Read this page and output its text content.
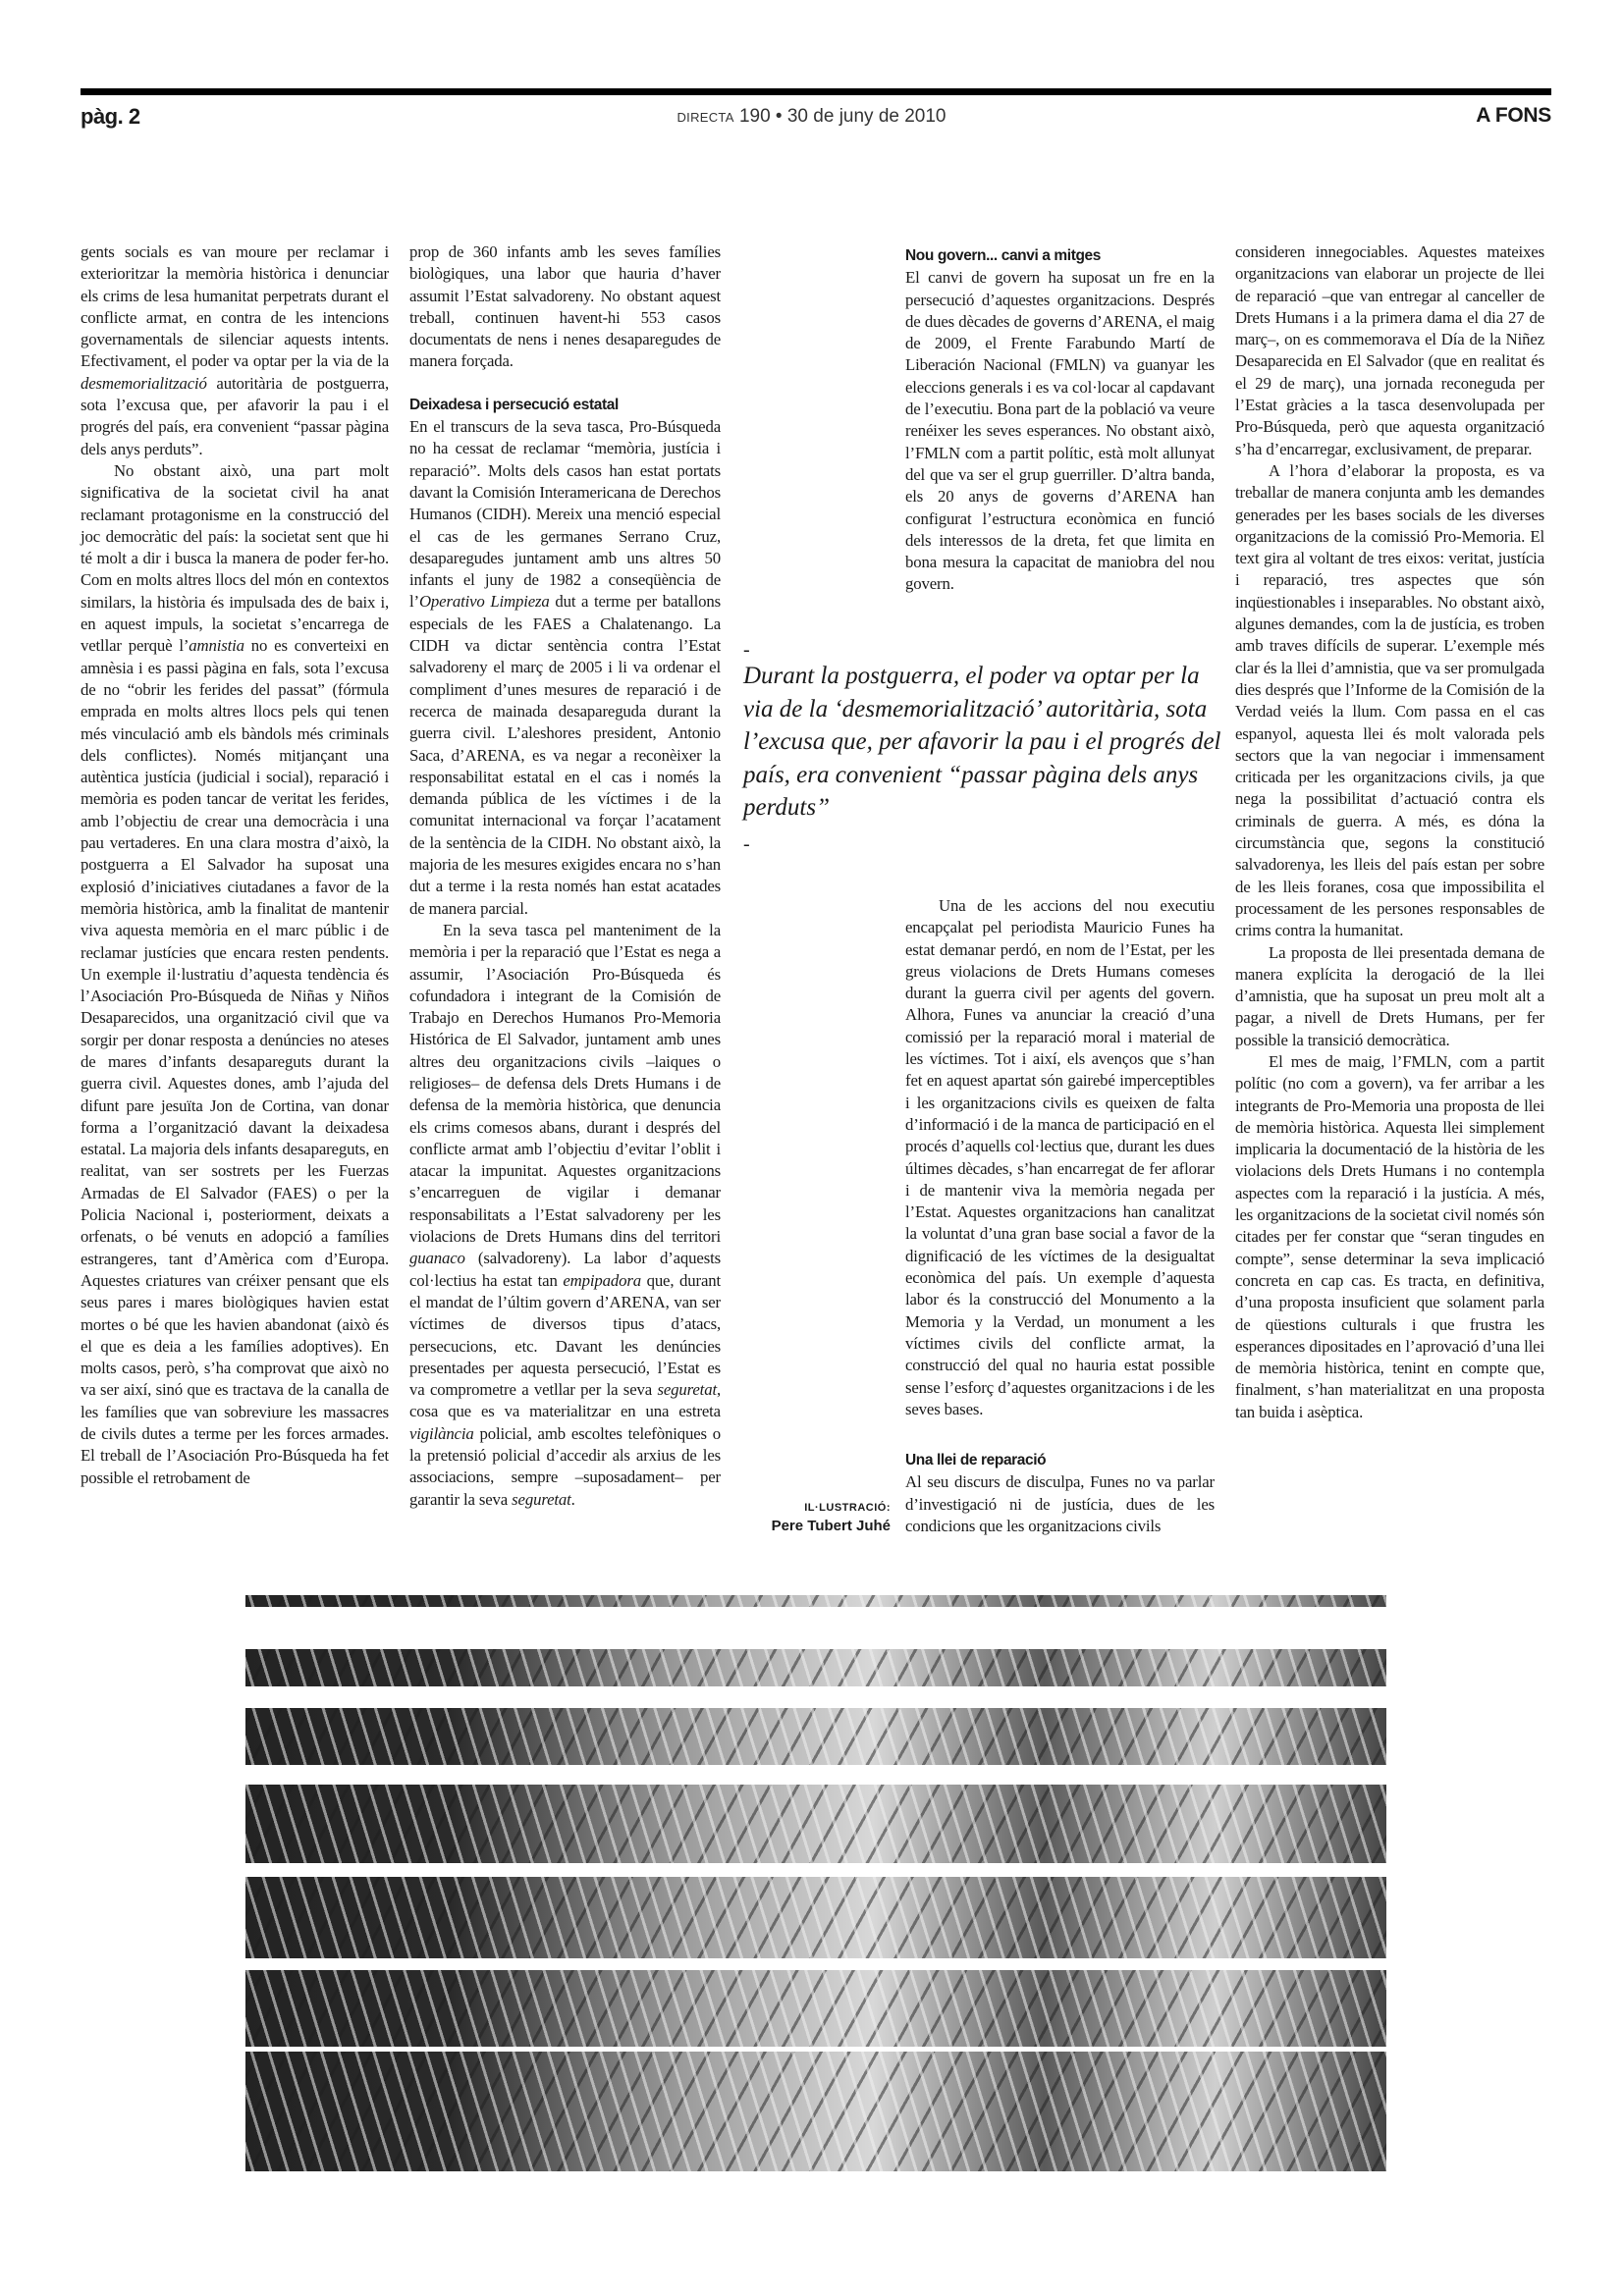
pàg. 2	DIRECTA 190 • 30 de juny de 2010	A FONS

gents socials es van moure per reclamar i exterioritzar la memòria històrica i denunciar els crims de lesa humanitat perpetrats durant el conflicte armat, en contra de les intencions governamentals de silenciar aquests intents. Efectivament, el poder va optar per la via de la desmemorialització autoritària de postguerra, sota l’excusa que, per afavorir la pau i el progrés del país, era convenient “passar pàgina dels anys perduts”.

No obstant això, una part molt significativa de la societat civil ha anat reclamant protagonisme en la construcció del joc democràtic del país: la societat sent que hi té molt a dir i busca la manera de poder fer-ho. Com en molts altres llocs del món en contextos similars, la història és impulsada des de baix i, en aquest impuls, la societat s’encarrega de vetllar perquè l’amnistia no es converteixi en amnèsia i es passi pàgina en fals, sota l’excusa de no “obrir les ferides del passat” (fórmula emprada en molts altres llocs pels qui tenen més vinculació amb els bàndols més criminals dels conflictes). Només mitjançant una autèntica justícia (judicial i social), reparació i memòria es poden tancar de veritat les ferides, amb l’objectiu de crear una democràcia i una pau vertaderes. En una clara mostra d’això, la postguerra a El Salvador ha suposat una explosió d’iniciatives ciutadanes a favor de la memòria històrica, amb la finalitat de mantenir viva aquesta memòria en el marc públic i de reclamar justícies que encara resten pendents. Un exemple il·lustratiu d’aquesta tendència és l’Asociación Pro-Búsqueda de Niñas y Niños Desaparecidos, una organització civil que va sorgir per donar resposta a denúncies no ateses de mares d’infants desapareguts durant la guerra civil. Aquestes dones, amb l’ajuda del difunt pare jesuïta Jon de Cortina, van donar forma a l’organització davant la deixadesa estatal. La majoria dels infants desapareguts, en realitat, van ser sostrets per les Fuerzas Armadas de El Salvador (FAES) o per la Policia Nacional i, posteriorment, deixats a orfenats, o bé venuts en adopció a famílies estrangeres, tant d’Amèrica com d’Europa. Aquestes criatures van créixer pensant que els seus pares i mares biològiques havien estat mortes o bé que les havien abandonat (això és el que es deia a les famílies adoptives). En molts casos, però, s’ha comprovat que això no va ser així, sinó que es tractava de la canalla de les famílies que van sobreviure les massacres de civils dutes a terme per les forces armades. El treball de l’Asociación Pro-Búsqueda ha fet possible el retrobament de

prop de 360 infants amb les seves famílies biològiques, una labor que hauria d’haver assumit l’Estat salvadoreny. No obstant aquest treball, continuen havent-hi 553 casos documentats de nens i nenes desaparegudes de manera forçada.

Deixadesa i persecució estatal

En el transcurs de la seva tasca, Pro-Búsqueda no ha cessat de reclamar “memòria, justícia i reparació”. Molts dels casos han estat portats davant la Comisión Interamericana de Derechos Humanos (CIDH). Mereix una menció especial el cas de les germanes Serrano Cruz, desaparegudes juntament amb uns altres 50 infants el juny de 1982 a conseqüència de l’Operativo Limpieza dut a terme per batallons especials de les FAES a Chalatenango. La CIDH va dictar sentència contra l’Estat salvadoreny el març de 2005 i li va ordenar el compliment d’unes mesures de reparació i de recerca de mainada desapareguda durant la guerra civil. L’aleshores president, Antonio Saca, d’ARENA, es va negar a reconèixer la responsabilitat estatal en el cas i només la demanda pública de les víctimes i de la comunitat internacional va forçar l’acatament de la sentència de la CIDH. No obstant això, la majoria de les mesures exigides encara no s’han dut a terme i la resta només han estat acatades de manera parcial.

En la seva tasca pel manteniment de la memòria i per la reparació que l’Estat es nega a assumir, l’Asociación Pro-Búsqueda és cofundadora i integrant de la Comisión de Trabajo en Derechos Humanos Pro-Memoria Histórica de El Salvador, juntament amb unes altres deu organitzacions civils –laiques o religioses– de defensa dels Drets Humans i de defensa de la memòria històrica, que denuncia els crims comesos abans, durant i després del conflicte armat amb l’objectiu d’evitar l’oblit i atacar la impunitat. Aquestes organitzacions s’encarreguen de vigilar i demanar responsabilitats a l’Estat salvadoreny per les violacions de Drets Humans dins del territori guanaco (salvadoreny). La labor d’aquests col·lectius ha estat tan empipadora que, durant el mandat de l’últim govern d’ARENA, van ser víctimes de diversos tipus d’atacs, persecucions, etc. Davant les denúncies presentades per aquesta persecució, l’Estat es va comprometre a vetllar per la seva seguretat, cosa que es va materialitzar en una estreta vigilància policial, amb escoltes telefòniques o la pretensió policial d’accedir als arxius de les associacions, sempre –suposadament– per garantir la seva seguretat.

Nou govern... canvi a mitges

El canvi de govern ha suposat un fre en la persecució d’aquestes organitzacions. Després de dues dècades de governs d’ARENA, el maig de 2009, el Frente Farabundo Martí de Liberación Nacional (FMLN) va guanyar les eleccions generals i es va col·locar al capdavant de l’executiu. Bona part de la població va veure renéixer les seves esperances. No obstant això, l’FMLN com a partit polític, està molt allunyat del que va ser el grup guerriller. D’altra banda, els 20 anys de governs d’ARENA han configurat l’estructura econòmica en funció dels interessos de la dreta, fet que limita en bona mesura la capacitat de maniobra del nou govern.

-
Durant la postguerra, el poder va optar per la via de la ‘desmemorialització’ autoritària, sota l’excusa que, per afavorir la pau i el progrés del país, era convenient “passar pàgina dels anys perduts”
-

Una de les accions del nou executiu encapçalat pel periodista Mauricio Funes ha estat demanar perdó, en nom de l’Estat, per les greus violacions de Drets Humans comeses durant la guerra civil per agents del govern. Alhora, Funes va anunciar la creació d’una comissió per la reparació moral i material de les víctimes. Tot i així, els avenços que s’han fet en aquest apartat són gairebé imperceptibles i les organitzacions civils es queixen de falta d’informació i de la manca de participació en el procés d’aquells col·lectius que, durant les dues últimes dècades, s’han encarregat de fer aflorar i de mantenir viva la memòria negada per l’Estat. Aquestes organitzacions han canalitzat la voluntat d’una gran base social a favor de la dignificació de les víctimes de la desigualtat econòmica del país. Un exemple d’aquesta labor és la construcció del Monumento a la Memoria y la Verdad, un monument a les víctimes civils del conflicte armat, la construcció del qual no hauria estat possible sense l’esforç d’aquestes organitzacions i de les seves bases.

Una llei de reparació

Al seu discurs de disculpa, Funes no va parlar d’investigació ni de justícia, dues de les condicions que les organitzacions civils

IL·LUSTRACIÓ:
Pere Tubert Juhé

consideren innegociables. Aquestes mateixes organitzacions van elaborar un projecte de llei de reparació –que van entregar al canceller de Drets Humans i a la primera dama el dia 27 de març–, on es commemorava el Día de la Niñez Desaparecida en El Salvador (que en realitat és el 29 de març), una jornada reconeguda per l’Estat gràcies a la tasca desenvolupada per Pro-Búsqueda, però que aquesta organització s’ha d’encarregar, exclusivament, de preparar.

A l’hora d’elaborar la proposta, es va treballar de manera conjunta amb les demandes generades per les bases socials de les diverses organitzacions de la comissió Pro-Memoria. El text gira al voltant de tres eixos: veritat, justícia i reparació, tres aspectes que són inqüestionables i inseparables. No obstant això, algunes demandes, com la de justícia, es troben amb traves difícils de superar. L’exemple més clar és la llei d’amnistia, que va ser promulgada dies després que l’Informe de la Comisión de la Verdad veiés la llum. Com passa en el cas espanyol, aquesta llei és molt valorada pels sectors que la van negociar i immensament criticada per les organitzacions civils, ja que nega la possibilitat d’actuació contra els criminals de guerra. A més, es dóna la circumstància que, segons la constitució salvadorenya, les lleis del país estan per sobre de les lleis foranes, cosa que impossibilita el processament de les persones responsables de crims contra la humanitat.

La proposta de llei presentada demana de manera explícita la derogació de la llei d’amnistia, que ha suposat un preu molt alt a pagar, a nivell de Drets Humans, per fer possible la transició democràtica.

El mes de maig, l’FMLN, com a partit polític (no com a govern), va fer arribar a les integrants de Pro-Memoria una proposta de llei de memòria històrica. Aquesta llei simplement implicaria la documentació de la història de les violacions dels Drets Humans i no contempla aspectes com la reparació i la justícia. A més, les organitzacions de la societat civil només són citades per fer constar que “seran tingudes en compte”, sense determinar la seva implicació concreta en cap cas. Es tracta, en definitiva, d’una proposta insuficient que solament parla de qüestions culturals i que frustra les esperances dipositades en l’aprovació d’una llei de memòria històrica, tenint en compte que, finalment, s’han materialitzat en una proposta tan buida i asèptica.
